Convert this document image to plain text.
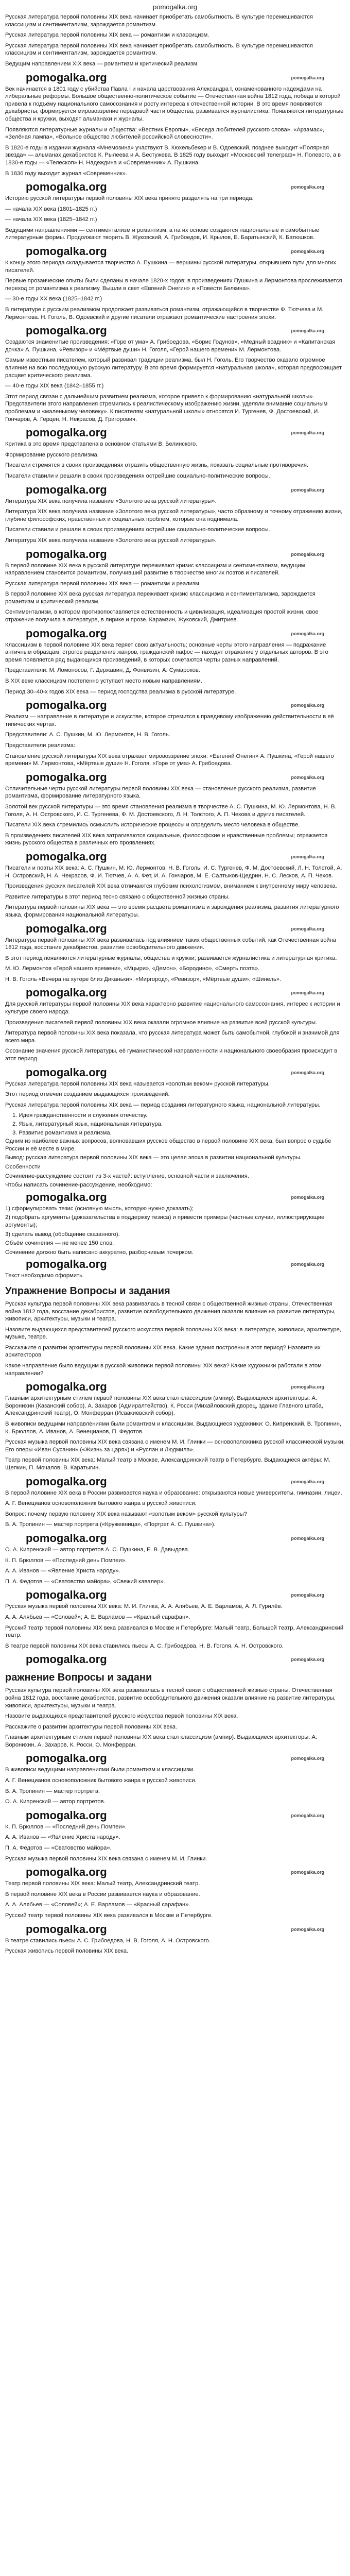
pomogalka.org
Русская литература первой половины XIX века начинает приобретать самобытность. В культуре перемешиваются классицизм и сентиментализм, зарождается романтизм.
Русская литература первой половины XIX века — романтизм и классицизм.
Русская литература первой половины XIX века начинает приобретать самобытность. В культуре перемешиваются классицизм и сентиментализм, зарождается романтизм.
Ведущим направлением XIX века — романтизм и критический реализм.
pomogalka.org	pomogalka.org
Век начинается в 1801 году с убийства Павла I и начала царствования Александра I, ознаменованного надеждами на либеральные реформы. Большое общественно-политическое событие — Отечественная война 1812 года, победа в которой привела к подъёму национального самосознания и росту интереса к отечественной истории. В это время появляются декабристы, формируется мировоззрение передовой части общества, развивается журналистика. Появляются литературные общества и кружки, выходят альманахи и журналы.
Появляются литературные журналы и общества: «Вестник Европы», «Беседа любителей русского слова», «Арзамас», «Зелёная лампа», «Вольное общество любителей российской словесности».
В 1820-е годы в издании журнала «Мнемозина» участвуют В. Кюхельбекер и В. Одоевский, позднее выходит «Полярная звезда» — альманах декабристов К. Рылеева и А. Бестужева. В 1825 году выходит «Московский телеграф» Н. Полевого, а в 1830-е годы — «Телескоп» Н. Надеждина и «Современник» А. Пушкина.
В 1836 году выходит журнал «Современник».
pomogalka.org	pomogalka.org
Историю русской литературы первой половины XIX века принято разделять на три периода:
— начала XIX века (1801–1825 гг.)
— начала XIX века (1825–1842 гг.)
Ведущими направлениями — сентиментализм и романтизм, а на их основе создаются национальные и самобытные литературные формы. Продолжают творить В. Жуковский, А. Грибоедов, И. Крылов, Е. Баратынский, К. Батюшков.
pomogalka.org	pomogalka.org
К концу этого периода складывается творчество А. Пушкина — вершины русской литературы, открывшего пути для многих писателей.
Первые прозаические опыты были сделаны в начале 1820-х годов; в произведениях Пушкина и Лермонтова прослеживается переход от романтизма к реализму. Вышли в свет «Евгений Онегин» и «Повести Белкина».
— 30-е годы XX века (1825–1842 гг.)
В литературе с русским реализмом продолжает развиваться романтизм, отражающийся в творчестве Ф. Тютчева и М. Лермонтова. Н. Гоголь, В. Одоевский и другие писатели отражают романтические настроения эпохи.
pomogalka.org	pomogalka.org
Создаются знаменитые произведения: «Горе от ума» А. Грибоедова, «Борис Годунов», «Медный всадник» и «Капитанская дочка» А. Пушкина, «Ревизор» и «Мёртвые души» Н. Гоголя, «Герой нашего времени» М. Лермонтова.
Самым известным писателем, который развивал традиции реализма, был Н. Гоголь. Его творчество оказало огромное влияние на всю последующую русскую литературу. В это время формируется «натуральная школа», которая предвосхищает расцвет критического реализма.
— 40-е годы XIX века (1842–1855 гг.)
Этот период связан с дальнейшим развитием реализма, которое привело к формированию «натуральной школы». Представители этого направления стремились к реалистическому изображению жизни, уделяли внимание социальным проблемам и «маленькому человеку». К писателям «натуральной школы» относятся И. Тургенев, Ф. Достоевский, И. Гончаров, А. Герцен, Н. Некрасов, Д. Григорович.
pomogalka.org	pomogalka.org
Критика в это время представлена в основном статьями В. Белинского.
Формирование русского реализма.
Писатели стремятся в своих произведениях отразить общественную жизнь, показать социальные противоречия.
Писатели ставили и решали в своих произведениях острейшие социально-политические вопросы.
pomogalka.org	pomogalka.org
Литература XIX века получила название «Золотого века русской литературы».
Литература XIX века получила название «Золотого века русской литературы», часто образному и точному отражению жизни, глубине философских, нравственных и социальных проблем, которые она поднимала.
Писатели ставили и решали в своих произведениях острейшие социально-политические вопросы.
Литература XIX века получила название «Золотого века русской литературы».
pomogalka.org	pomogalka.org
В первой половине XIX века в русской литературе переживают кризис классицизм и сентиментализм, ведущим направлением становится романтизм, получивший развитие в творчестве многих поэтов и писателей.
Русская литература первой половины XIX века — романтизм и реализм.
В первой половине XIX века русская литература переживает кризис классицизма и сентиментализма, зарождается романтизм и критический реализм.
Сентиментализм, в котором противопоставляется естественность и цивилизация, идеализация простой жизни, свое отражение получила в литературе, в лирике и прозе. Карамзин, Жуковский, Дмитриев.
pomogalka.org	pomogalka.org
Классицизм в первой половине XIX века теряет свою актуальность; основные черты этого направления — подражание античным образцам, строгое разделение жанров, гражданский пафос — находят отражение у отдельных авторов. В это время появляется ряд выдающихся произведений, в которых сочетаются черты разных направлений.
Представители: М. Ломоносов, Г. Державин, Д. Фонвизин, А. Сумароков.
В XIX веке классицизм постепенно уступает место новым направлениям.
Период 30–40-х годов XIX века — период господства реализма в русской литературе.
pomogalka.org	pomogalka.org
Реализм — направление в литературе и искусстве, которое стремится к правдивому изображению действительности в её типических чертах.
Представители: А. С. Пушкин, М. Ю. Лермонтов, Н. В. Гоголь.
Представители реализма:
Становление русской литературы XIX века отражает мировоззрение эпохи: «Евгений Онегин» А. Пушкина, «Герой нашего времени» М. Лермонтова, «Мёртвые души» Н. Гоголя, «Горе от ума» А. Грибоедова.
pomogalka.org	pomogalka.org
Отличительные черты русской литературы первой половины XIX века — становление русского реализма, развитие романтизма, формирование литературного языка.
Золотой век русской литературы — это время становления реализма в творчестве А. С. Пушкина, М. Ю. Лермонтова, Н. В. Гоголя, А. Н. Островского, И. С. Тургенева, Ф. М. Достоевского, Л. Н. Толстого, А. П. Чехова и других писателей.
Писатели XIX века стремились осмыслить исторические процессы и определить место человека в обществе.
В произведениях писателей XIX века затрагиваются социальные, философские и нравственные проблемы; отражается жизнь русского общества в различных его проявлениях.
pomogalka.org	pomogalka.org
Писатели и поэты XIX века: А. С. Пушкин, М. Ю. Лермонтов, Н. В. Гоголь, И. С. Тургенев, Ф. М. Достоевский, Л. Н. Толстой, А. Н. Островский, Н. А. Некрасов, Ф. И. Тютчев, А. А. Фет, И. А. Гончаров, М. Е. Салтыков-Щедрин, Н. С. Лесков, А. П. Чехов.
Произведения русских писателей XIX века отличаются глубоким психологизмом, вниманием к внутреннему миру человека.
Развитие литературы в этот период тесно связано с общественной жизнью страны.
Литература первой половины XIX века — это время расцвета романтизма и зарождения реализма, развития литературного языка, формирования национальной литературы.
pomogalka.org	pomogalka.org
Литература первой половины XIX века развивалась под влиянием таких общественных событий, как Отечественная война 1812 года, восстание декабристов, развитие освободительного движения.
В этот период появляются литературные журналы, общества и кружки; развивается журналистика и литературная критика.
М. Ю. Лермонтов «Герой нашего времени», «Мцыри», «Демон», «Бородино», «Смерть поэта».
Н. В. Гоголь «Вечера на хуторе близ Диканьки», «Миргород», «Ревизор», «Мёртвые души», «Шинель».
pomogalka.org	pomogalka.org
Для русской литературы первой половины XIX века характерно развитие национального самосознания, интерес к истории и культуре своего народа.
Произведения писателей первой половины XIX века оказали огромное влияние на развитие всей русской культуры.
Литература первой половины XIX века показала, что русская литература может быть самобытной, глубокой и значимой для всего мира.
Осознание значения русской литературы, её гуманистической направленности и национального своеобразия происходит в этот период.
pomogalka.org	pomogalka.org
Русская литература первой половины XIX века называется «золотым веком» русской литературы.
Этот период отмечен созданием выдающихся произведений.
Русская литература первой половины XIX века — период создания литературного языка, национальной литературы.
1. Идея гражданственности и служения отечеству.
2. Язык, литературный язык, национальная литература.
3. Развитие романтизма и реализма.
Одним из наиболее важных вопросов, волновавших русское общество в первой половине XIX века, был вопрос о судьбе России и её месте в мире.
Вывод: русская литература первой половины XIX века — это целая эпоха в развитии национальной культуры.
Особенности
Сочинение-рассуждение состоит из 3-х частей: вступление, основной части и заключения.
Чтобы написать сочинение-рассуждение, необходимо:
pomogalka.org	pomogalka.org
1) сформулировать тезис (основную мысль, которую нужно доказать);
2) подобрать аргументы (доказательства в поддержку тезиса) и привести примеры (частные случаи, иллюстрирующие аргументы);
3) сделать вывод (обобщение сказанного).
Объём сочинения — не менее 150 слов.
Сочинение должно быть написано аккуратно, разборчивым почерком.
pomogalka.org	pomogalka.org
Текст необходимо оформить.
Упражнение Вопросы и задания
Русская культура первой половины XIX века развивалась в тесной связи с общественной жизнью страны. Отечественная война 1812 года, восстание декабристов, развитие освободительного движения оказали влияние на развитие литературы, живописи, архитектуры, музыки и театра.
Назовите выдающихся представителей русского искусства первой половины XIX века: в литературе, живописи, архитектуре, музыке, театре.
Расскажите о развитии архитектуры первой половины XIX века. Какие здания построены в этот период? Назовите их архитекторов.
Какое направление было ведущим в русской живописи первой половины XIX века? Какие художники работали в этом направлении?
pomogalka.org	pomogalka.org
Главным архитектурным стилем первой половины XIX века стал классицизм (ампир). Выдающиеся архитекторы: А. Воронихин (Казанский собор), А. Захаров (Адмиралтейство), К. Росси (Михайловский дворец, здание Главного штаба, Александринский театр), О. Монферран (Исаакиевский собор).
В живописи ведущими направлениями были романтизм и классицизм. Выдающиеся художники: О. Кипренский, В. Тропинин, К. Брюллов, А. Иванов, А. Венецианов, П. Федотов.
Русская музыка первой половины XIX века связана с именем М. И. Глинки — основоположника русской классической музыки. Его оперы «Иван Сусанин» («Жизнь за царя») и «Руслан и Людмила».
Театр первой половины XIX века: Малый театр в Москве, Александринский театр в Петербурге. Выдающиеся актёры: М. Щепкин, П. Мочалов, В. Каратыгин.
pomogalka.org	pomogalka.org
В первой половине XIX века в России развивается наука и образование: открываются новые университеты, гимназии, лицеи.
А. Г. Венецианов основоположник бытового жанра в русской живописи.
Вопрос: почему первую половину XIX века называют «золотым веком» русской культуры?
В. А. Тропинин — мастер портрета («Кружевница», «Портрет А. С. Пушкина»).
pomogalka.org	pomogalka.org
О. А. Кипренский — автор портретов А. С. Пушкина, Е. В. Давыдова.
К. П. Брюллов — «Последний день Помпеи».
А. А. Иванов — «Явление Христа народу».
П. А. Федотов — «Сватовство майора», «Свежий кавалер».
pomogalka.org	pomogalka.org
Русская музыка первой половины XIX века: М. И. Глинка, А. А. Алябьев, А. Е. Варламов, А. Л. Гурилёв.
А. А. Алябьев — «Соловей»; А. Е. Варламов — «Красный сарафан».
Русский театр первой половины XIX века развивался в Москве и Петербурге: Малый театр, Большой театр, Александринский театр.
В театре первой половины XIX века ставились пьесы А. С. Грибоедова, Н. В. Гоголя, А. Н. Островского.
pomogalka.org	pomogalka.org
ражнение Вопросы и задани
Русская культура первой половины XIX века развивалась в тесной связи с общественной жизнью страны. Отечественная война 1812 года, восстание декабристов, развитие освободительного движения оказали влияние на развитие литературы, живописи, архитектуры, музыки и театра.
Назовите выдающихся представителей русского искусства первой половины XIX века.
Расскажите о развитии архитектуры первой половины XIX века.
Главным архитектурным стилем первой половины XIX века стал классицизм (ампир). Выдающиеся архитекторы: А. Воронихин, А. Захаров, К. Росси, О. Монферран.
pomogalka.org	pomogalka.org
В живописи ведущими направлениями были романтизм и классицизм.
А. Г. Венецианов основоположник бытового жанра в русской живописи.
В. А. Тропинин — мастер портрета.
О. А. Кипренский — автор портретов.
pomogalka.org	pomogalka.org
К. П. Брюллов — «Последний день Помпеи».
А. А. Иванов — «Явление Христа народу».
П. А. Федотов — «Сватовство майора».
Русская музыка первой половины XIX века связана с именем М. И. Глинки.
pomogalka.org	pomogalka.org
Театр первой половины XIX века: Малый театр, Александринский театр.
В первой половине XIX века в России развивается наука и образование.
А. А. Алябьев — «Соловей»; А. Е. Варламов — «Красный сарафан».
Русский театр первой половины XIX века развивался в Москве и Петербурге.
pomogalka.org	pomogalka.org
В театре ставились пьесы А. С. Грибоедова, Н. В. Гоголя, А. Н. Островского.
Русская живопись первой половины XIX века.
